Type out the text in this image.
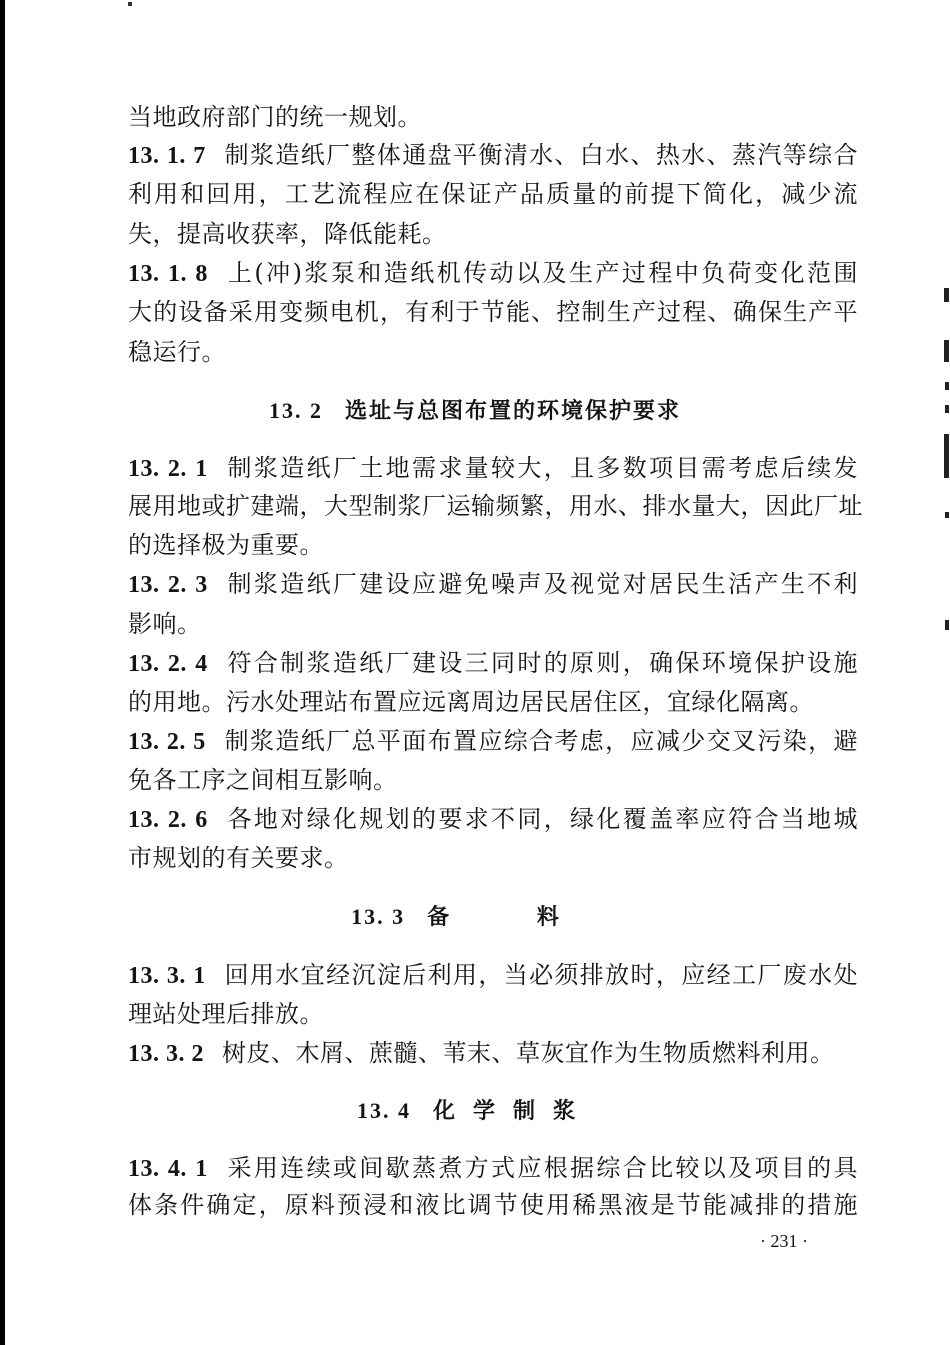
当地政府部门的统一规划。
13. 1. 7 制浆造纸厂整体通盘平衡清水、白水、热水、蒸汽等综合
利用和回用，工艺流程应在保证产品质量的前提下简化，减少流
失，提高收获率，降低能耗。
13. 1. 8 上(冲)浆泵和造纸机传动以及生产过程中负荷变化范围
大的设备采用变频电机，有利于节能、控制生产过程、确保生产平
稳运行。
13. 2 选址与总图布置的环境保护要求
13. 2. 1 制浆造纸厂土地需求量较大，且多数项目需考虑后续发
展用地或扩建端，大型制浆厂运输频繁，用水、排水量大，因此厂址
的选择极为重要。
13. 2. 3 制浆造纸厂建设应避免噪声及视觉对居民生活产生不利
影响。
13. 2. 4 符合制浆造纸厂建设三同时的原则，确保环境保护设施
的用地。污水处理站布置应远离周边居民居住区，宜绿化隔离。
13. 2. 5 制浆造纸厂总平面布置应综合考虑，应减少交叉污染，避
免各工序之间相互影响。
13. 2. 6 各地对绿化规划的要求不同，绿化覆盖率应符合当地城
市规划的有关要求。
13. 3 备 料
13. 3. 1 回用水宜经沉淀后利用，当必须排放时，应经工厂废水处
理站处理后排放。
13. 3. 2 树皮、木屑、蔗髓、苇末、草灰宜作为生物质燃料利用。
13. 4 化学制浆
13. 4. 1 采用连续或间歇蒸煮方式应根据综合比较以及项目的具
体条件确定，原料预浸和液比调节使用稀黑液是节能减排的措施
· 231 ·
